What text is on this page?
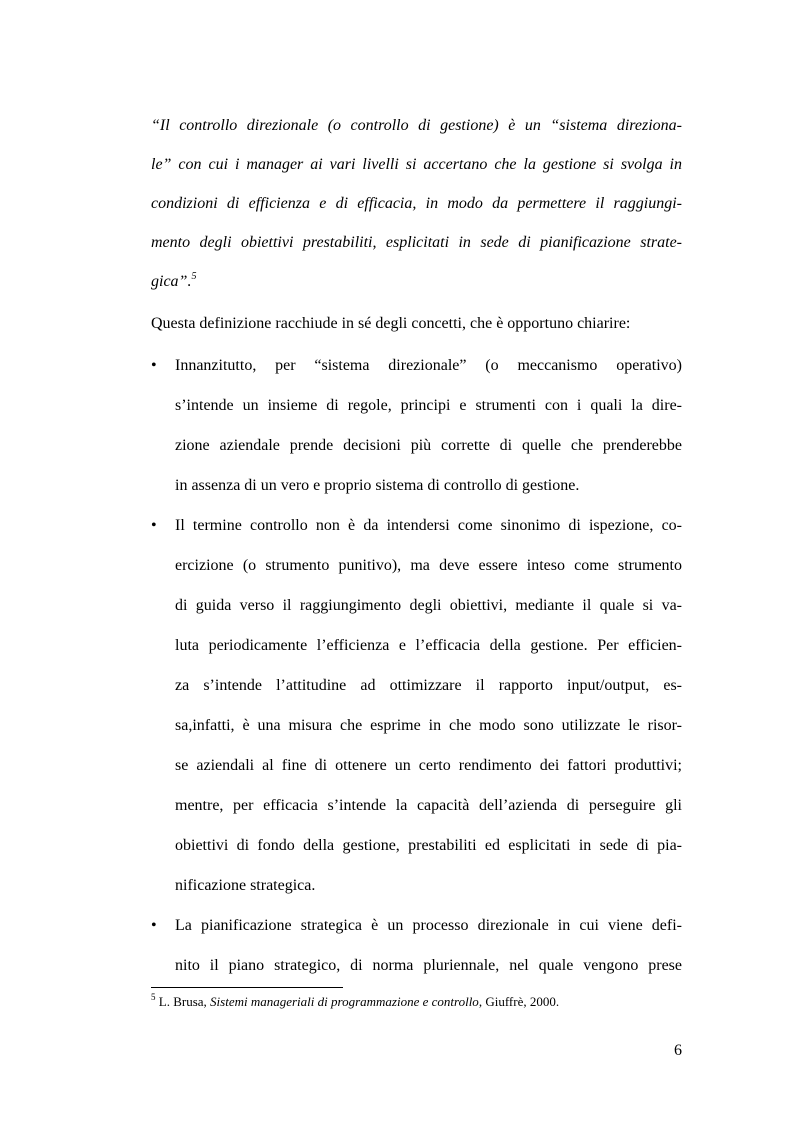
“Il controllo direzionale (o controllo di gestione) è un “sistema direziona-
le” con cui i manager ai vari livelli si accertano che la gestione si svolga in
condizioni di efficienza e di efficacia, in modo da permettere il raggiungi-
mento degli obiettivi prestabiliti, esplicitati in sede di pianificazione strate-
gica”.$^5$
Questa definizione racchiude in sé degli concetti, che è opportuno chiarire:
• Innanzitutto, per “sistema direzionale” (o meccanismo operativo)
s’intende un insieme di regole, principi e strumenti con i quali la dire-
zione aziendale prende decisioni più corrette di quelle che prenderebbe
in assenza di un vero e proprio sistema di controllo di gestione.
• Il termine controllo non è da intendersi come sinonimo di ispezione, co-
ercizione (o strumento punitivo), ma deve essere inteso come strumento
di guida verso il raggiungimento degli obiettivi, mediante il quale si va-
luta periodicamente l’efficienza e l’efficacia della gestione. Per efficien-
za s’intende l’attitudine ad ottimizzare il rapporto input/output, es-
sa,infatti, è una misura che esprime in che modo sono utilizzate le risor-
se aziendali al fine di ottenere un certo rendimento dei fattori produttivi;
mentre, per efficacia s’intende la capacità dell’azienda di perseguire gli
obiettivi di fondo della gestione, prestabiliti ed esplicitati in sede di pia-
nificazione strategica.
• La pianificazione strategica è un processo direzionale in cui viene defi-
nito il piano strategico, di norma pluriennale, nel quale vengono prese
$^5$ L. Brusa, Sistemi manageriali di programmazione e controllo, Giuffrè, 2000.
6
